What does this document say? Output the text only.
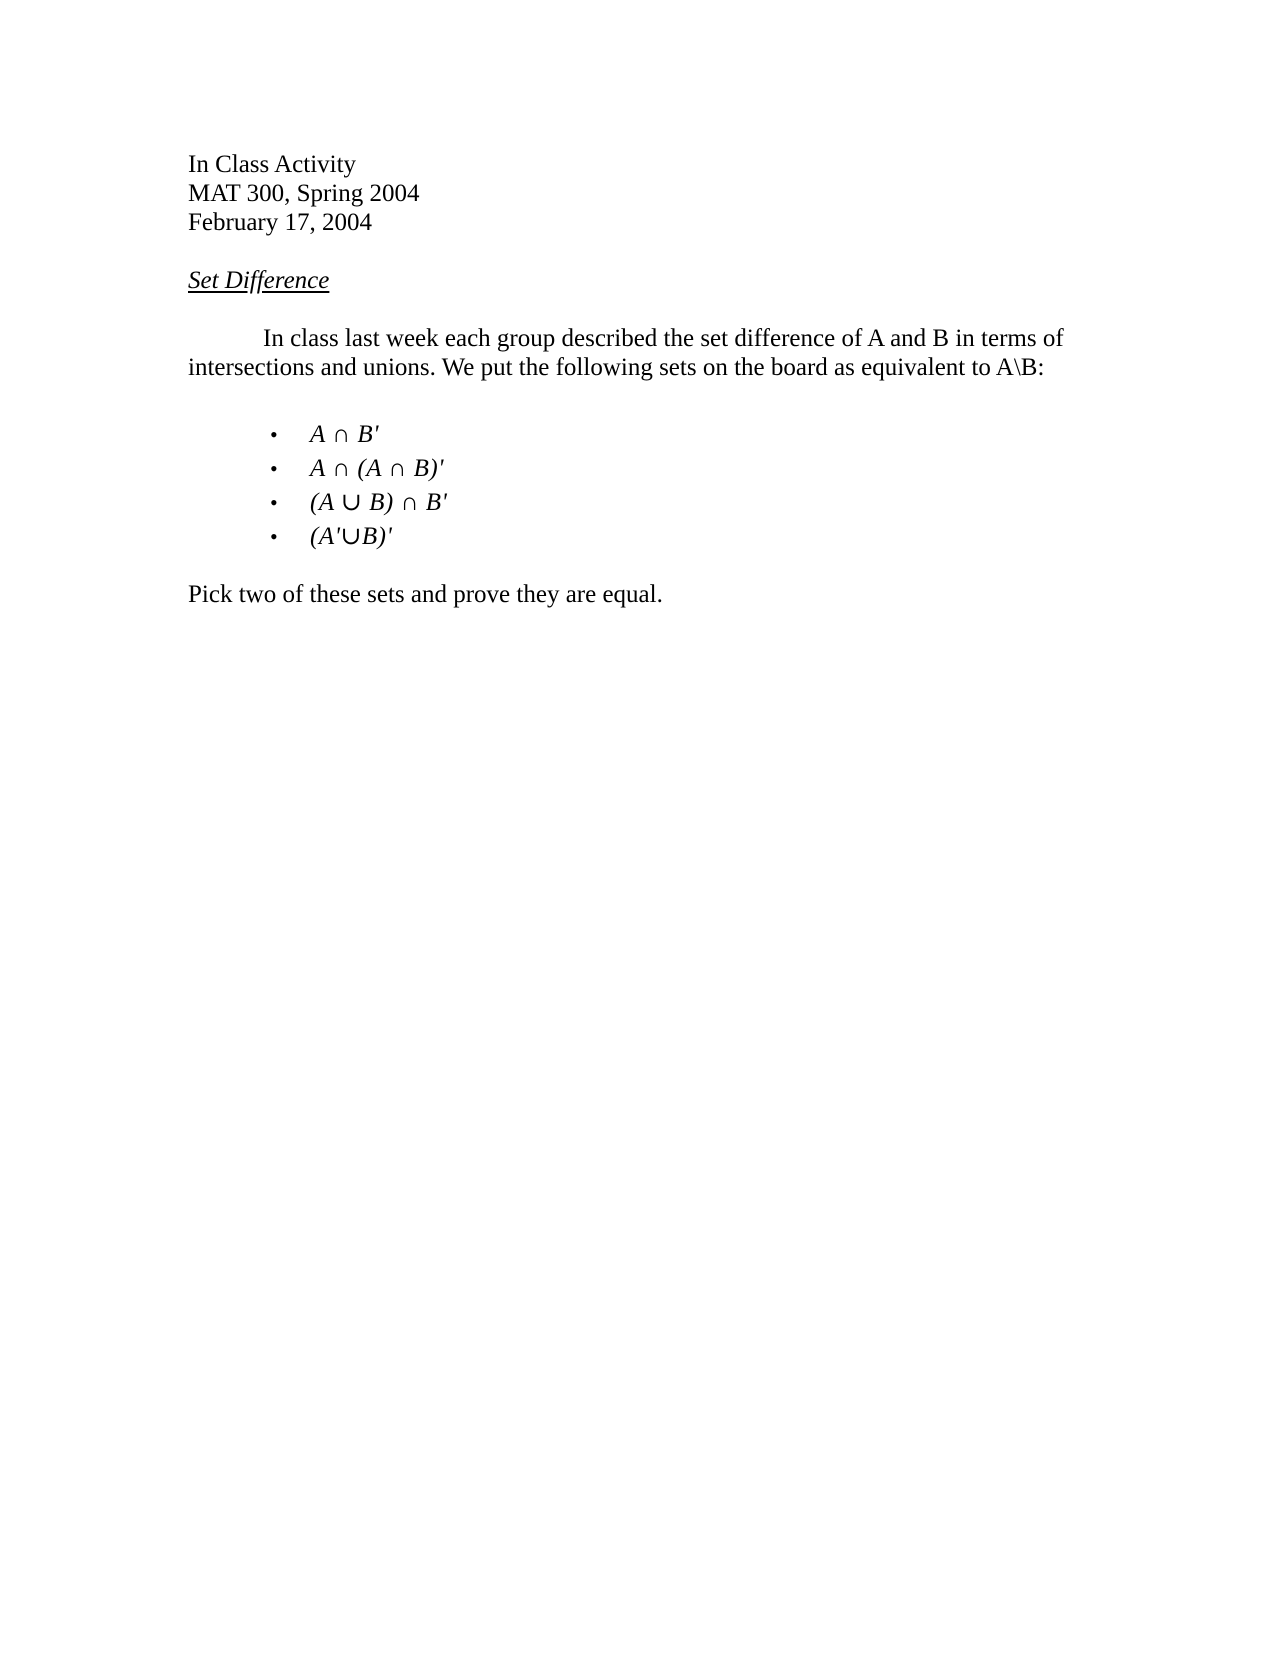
In Class Activity
MAT 300, Spring 2004
February 17, 2004
Set Difference

In class last week each group described the set difference of A and B in terms of intersections and unions. We put the following sets on the board as equivalent to A\B:

• A ∩ B'
• A ∩ (A ∩ B)'
• (A ∪ B) ∩ B'
• (A'∪B)'

Pick two of these sets and prove they are equal.
